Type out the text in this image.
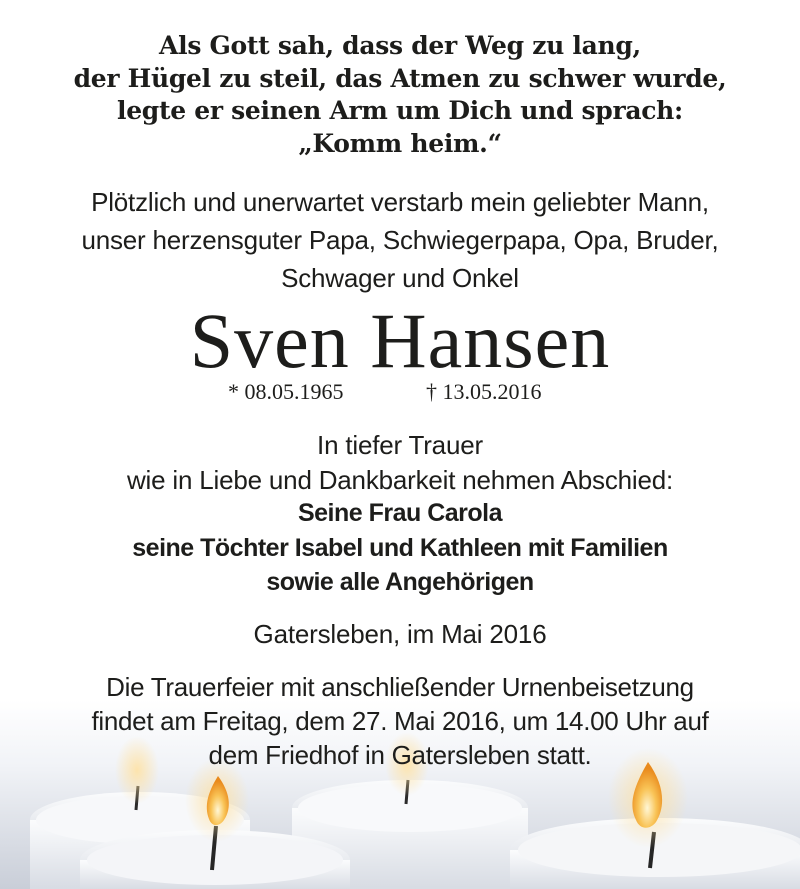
Als Gott sah, dass der Weg zu lang,
der Hügel zu steil, das Atmen zu schwer wurde,
legte er seinen Arm um Dich und sprach:
„Komm heim.“
Plötzlich und unerwartet verstarb mein geliebter Mann,
unser herzensguter Papa, Schwiegerpapa, Opa, Bruder,
Schwager und Onkel
Sven Hansen
* 08.05.1965	† 13.05.2016
In tiefer Trauer
wie in Liebe und Dankbarkeit nehmen Abschied:
Seine Frau Carola
seine Töchter Isabel und Kathleen mit Familien
sowie alle Angehörigen
Gatersleben, im Mai 2016
Die Trauerfeier mit anschließender Urnenbeisetzung
findet am Freitag, dem 27. Mai 2016, um 14.00 Uhr auf
dem Friedhof in Gatersleben statt.
